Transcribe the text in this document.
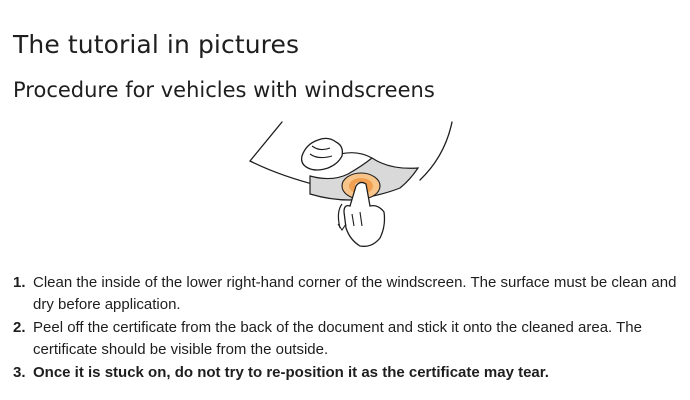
The tutorial in pictures
Procedure for vehicles with windscreens
1. Clean the inside of the lower right-hand corner of the windscreen. The surface must be clean and dry before application.
2. Peel off the certificate from the back of the document and stick it onto the cleaned area. The certificate should be visible from the outside.
3. Once it is stuck on, do not try to re-position it as the certificate may tear.
